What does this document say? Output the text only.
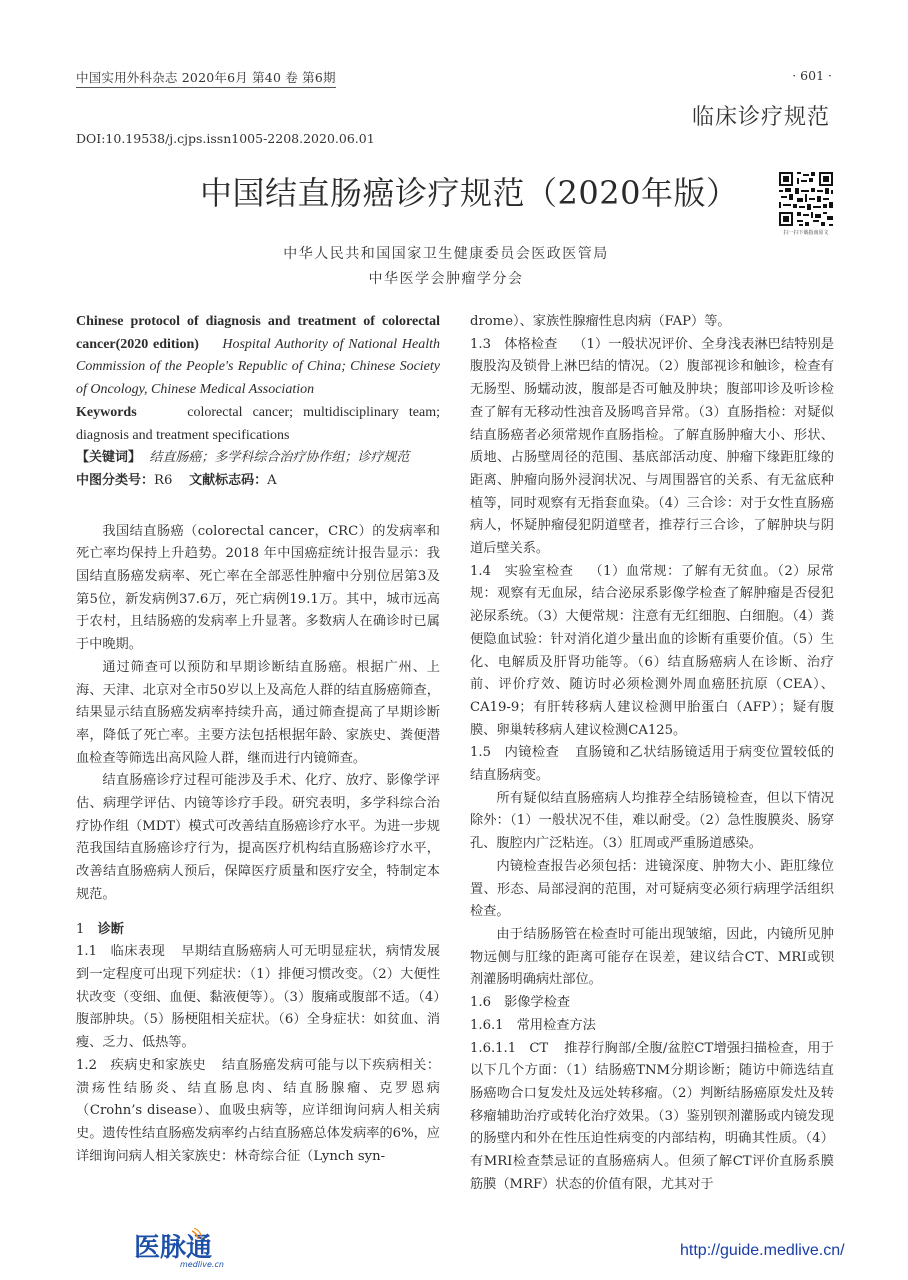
中国实用外科杂志 2020年6月 第40 卷 第6期	· 601 ·
临床诊疗规范
DOI:10.19538/j.cjps.issn1005-2208.2020.06.01
中国结直肠癌诊疗规范（2020年版）
扫一扫下载指南原文
中华人民共和国国家卫生健康委员会医政医管局
中华医学会肿瘤学分会

Chinese protocol of diagnosis and treatment of colorectal cancer(2020 edition) Hospital Authority of National Health Commission of the People's Republic of China; Chinese Society of Oncology, Chinese Medical Association

Keywords	colorectal cancer; multidisciplinary team; diagnosis and treatment specifications

【关键词】 结直肠癌；多学科综合治疗协作组；诊疗规范

中图分类号：R6 文献标志码：A

我国结直肠癌（colorectal cancer，CRC）的发病率和死亡率均保持上升趋势。2018 年中国癌症统计报告显示：我国结直肠癌发病率、死亡率在全部恶性肿瘤中分别位居第3及第5位，新发病例37.6万，死亡病例19.1万。其中，城市远高于农村，且结肠癌的发病率上升显著。多数病人在确诊时已属于中晚期。

通过筛查可以预防和早期诊断结直肠癌。根据广州、上海、天津、北京对全市50岁以上及高危人群的结直肠癌筛查，结果显示结直肠癌发病率持续升高，通过筛查提高了早期诊断率，降低了死亡率。主要方法包括根据年龄、家族史、粪便潜血检查等筛选出高风险人群，继而进行内镜筛查。

结直肠癌诊疗过程可能涉及手术、化疗、放疗、影像学评估、病理学评估、内镜等诊疗手段。研究表明，多学科综合治疗协作组（MDT）模式可改善结直肠癌诊疗水平。为进一步规范我国结直肠癌诊疗行为，提高医疗机构结直肠癌诊疗水平，改善结直肠癌病人预后，保障医疗质量和医疗安全，特制定本规范。

1 诊断

1.1 临床表现 早期结直肠癌病人可无明显症状，病情发展到一定程度可出现下列症状：（1）排便习惯改变。（2）大便性状改变（变细、血便、黏液便等）。（3）腹痛或腹部不适。（4）腹部肿块。（5）肠梗阻相关症状。（6）全身症状：如贫血、消瘦、乏力、低热等。

1.2 疾病史和家族史 结直肠癌发病可能与以下疾病相关：溃疡性结肠炎、结直肠息肉、结直肠腺瘤、克罗恩病（Crohn’s disease）、血吸虫病等，应详细询问病人相关病史。遗传性结直肠癌发病率约占结直肠癌总体发病率的6%，应详细询问病人相关家族史：林奇综合征（Lynch syn-

drome）、家族性腺瘤性息肉病（FAP）等。

1.3 体格检查 （1）一般状况评价、全身浅表淋巴结特别是腹股沟及锁骨上淋巴结的情况。（2）腹部视诊和触诊，检查有无肠型、肠蠕动波，腹部是否可触及肿块；腹部叩诊及听诊检查了解有无移动性浊音及肠鸣音异常。（3）直肠指检：对疑似结直肠癌者必须常规作直肠指检。了解直肠肿瘤大小、形状、质地、占肠壁周径的范围、基底部活动度、肿瘤下缘距肛缘的距离、肿瘤向肠外浸润状况、与周围器官的关系、有无盆底种植等，同时观察有无指套血染。（4）三合诊：对于女性直肠癌病人，怀疑肿瘤侵犯阴道壁者，推荐行三合诊，了解肿块与阴道后壁关系。

1.4 实验室检查 （1）血常规：了解有无贫血。（2）尿常规：观察有无血尿，结合泌尿系影像学检查了解肿瘤是否侵犯泌尿系统。（3）大便常规：注意有无红细胞、白细胞。（4）粪便隐血试验：针对消化道少量出血的诊断有重要价值。（5）生化、电解质及肝肾功能等。（6）结直肠癌病人在诊断、治疗前、评价疗效、随访时必须检测外周血癌胚抗原（CEA）、CA19-9；有肝转移病人建议检测甲胎蛋白（AFP）；疑有腹膜、卵巢转移病人建议检测CA125。

1.5 内镜检查 直肠镜和乙状结肠镜适用于病变位置较低的结直肠病变。

所有疑似结直肠癌病人均推荐全结肠镜检查，但以下情况除外：（1）一般状况不佳，难以耐受。（2）急性腹膜炎、肠穿孔、腹腔内广泛粘连。（3）肛周或严重肠道感染。

内镜检查报告必须包括：进镜深度、肿物大小、距肛缘位置、形态、局部浸润的范围，对可疑病变必须行病理学活组织检查。

由于结肠肠管在检查时可能出现皱缩，因此，内镜所见肿物远侧与肛缘的距离可能存在误差，建议结合CT、MRI或钡剂灌肠明确病灶部位。

1.6 影像学检查

1.6.1 常用检查方法

1.6.1.1 CT 推荐行胸部/全腹/盆腔CT增强扫描检查，用于以下几个方面：（1）结肠癌TNM分期诊断；随访中筛选结直肠癌吻合口复发灶及远处转移瘤。（2）判断结肠癌原发灶及转移瘤辅助治疗或转化治疗效果。（3）鉴别钡剂灌肠或内镜发现的肠壁内和外在性压迫性病变的内部结构，明确其性质。（4）有MRI检查禁忌证的直肠癌病人。但须了解CT评价直肠系膜筋膜（MRF）状态的价值有限，尤其对于

医脉通
medlive.cn
http://guide.medlive.cn/
